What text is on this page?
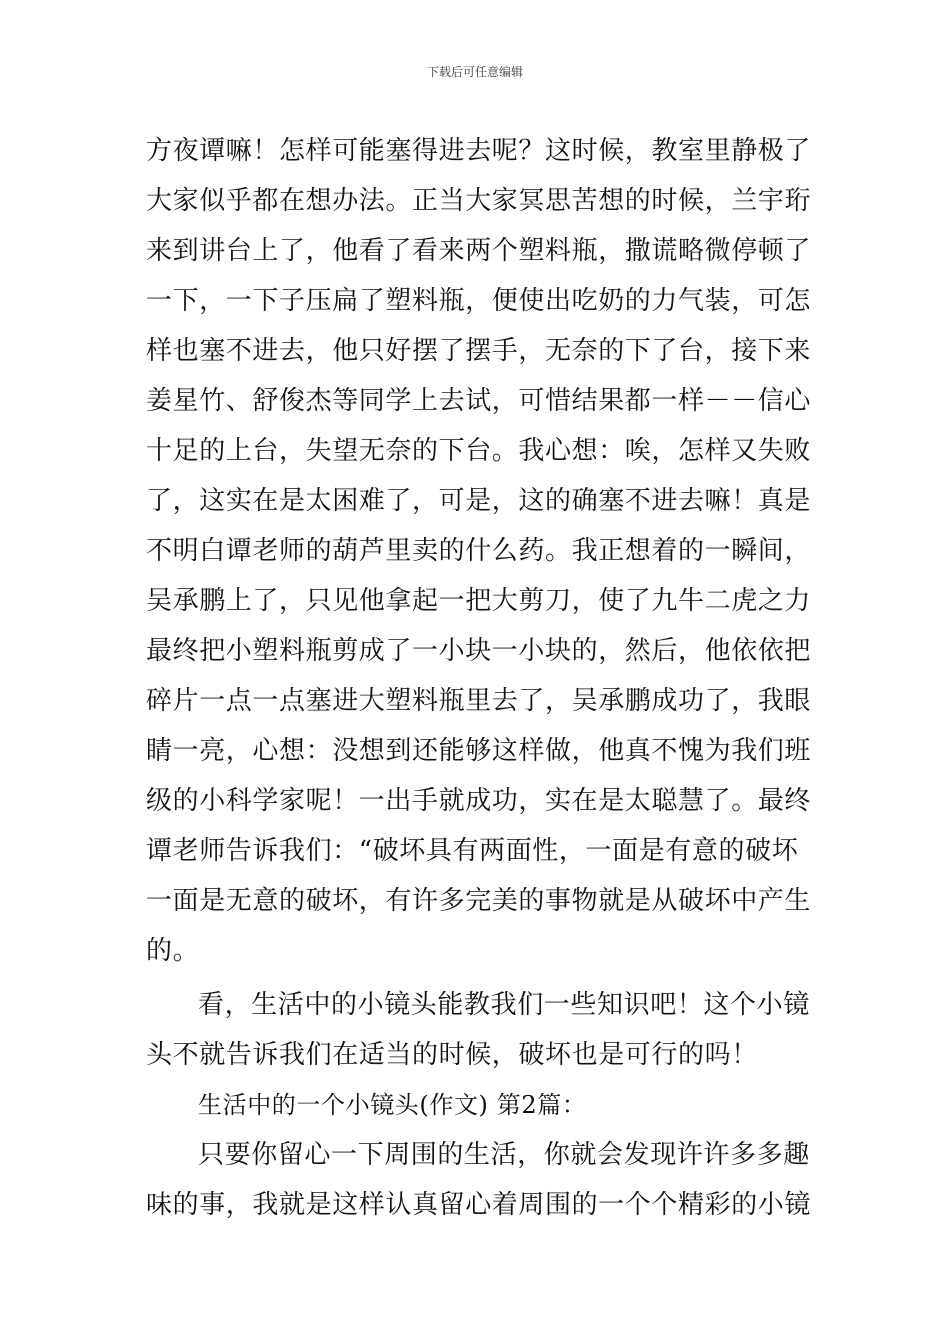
下载后可任意编辑
方夜谭嘛！怎样可能塞得进去呢？这时候，教室里静极了
大家似乎都在想办法。正当大家冥思苦想的时候，兰宇珩
来到讲台上了，他看了看来两个塑料瓶，撒谎略微停顿了
一下，一下子压扁了塑料瓶，便使出吃奶的力气装，可怎
样也塞不进去，他只好摆了摆手，无奈的下了台，接下来
姜星竹、舒俊杰等同学上去试，可惜结果都一样－－信心
十足的上台，失望无奈的下台。我心想：唉，怎样又失败
了，这实在是太困难了，可是，这的确塞不进去嘛！真是
不明白谭老师的葫芦里卖的什么药。我正想着的一瞬间，
吴承鹏上了，只见他拿起一把大剪刀，使了九牛二虎之力
最终把小塑料瓶剪成了一小块一小块的，然后，他依依把
碎片一点一点塞进大塑料瓶里去了，吴承鹏成功了，我眼
睛一亮，心想：没想到还能够这样做，他真不愧为我们班
级的小科学家呢！一出手就成功，实在是太聪慧了。最终
谭老师告诉我们：“破坏具有两面性，一面是有意的破坏
一面是无意的破坏，有许多完美的事物就是从破坏中产生
的。
看，生活中的小镜头能教我们一些知识吧！这个小镜
头不就告诉我们在适当的时候，破坏也是可行的吗！
生活中的一个小镜头(作文) 第2篇：
只要你留心一下周围的生活，你就会发现许许多多趣
味的事，我就是这样认真留心着周围的一个个精彩的小镜
